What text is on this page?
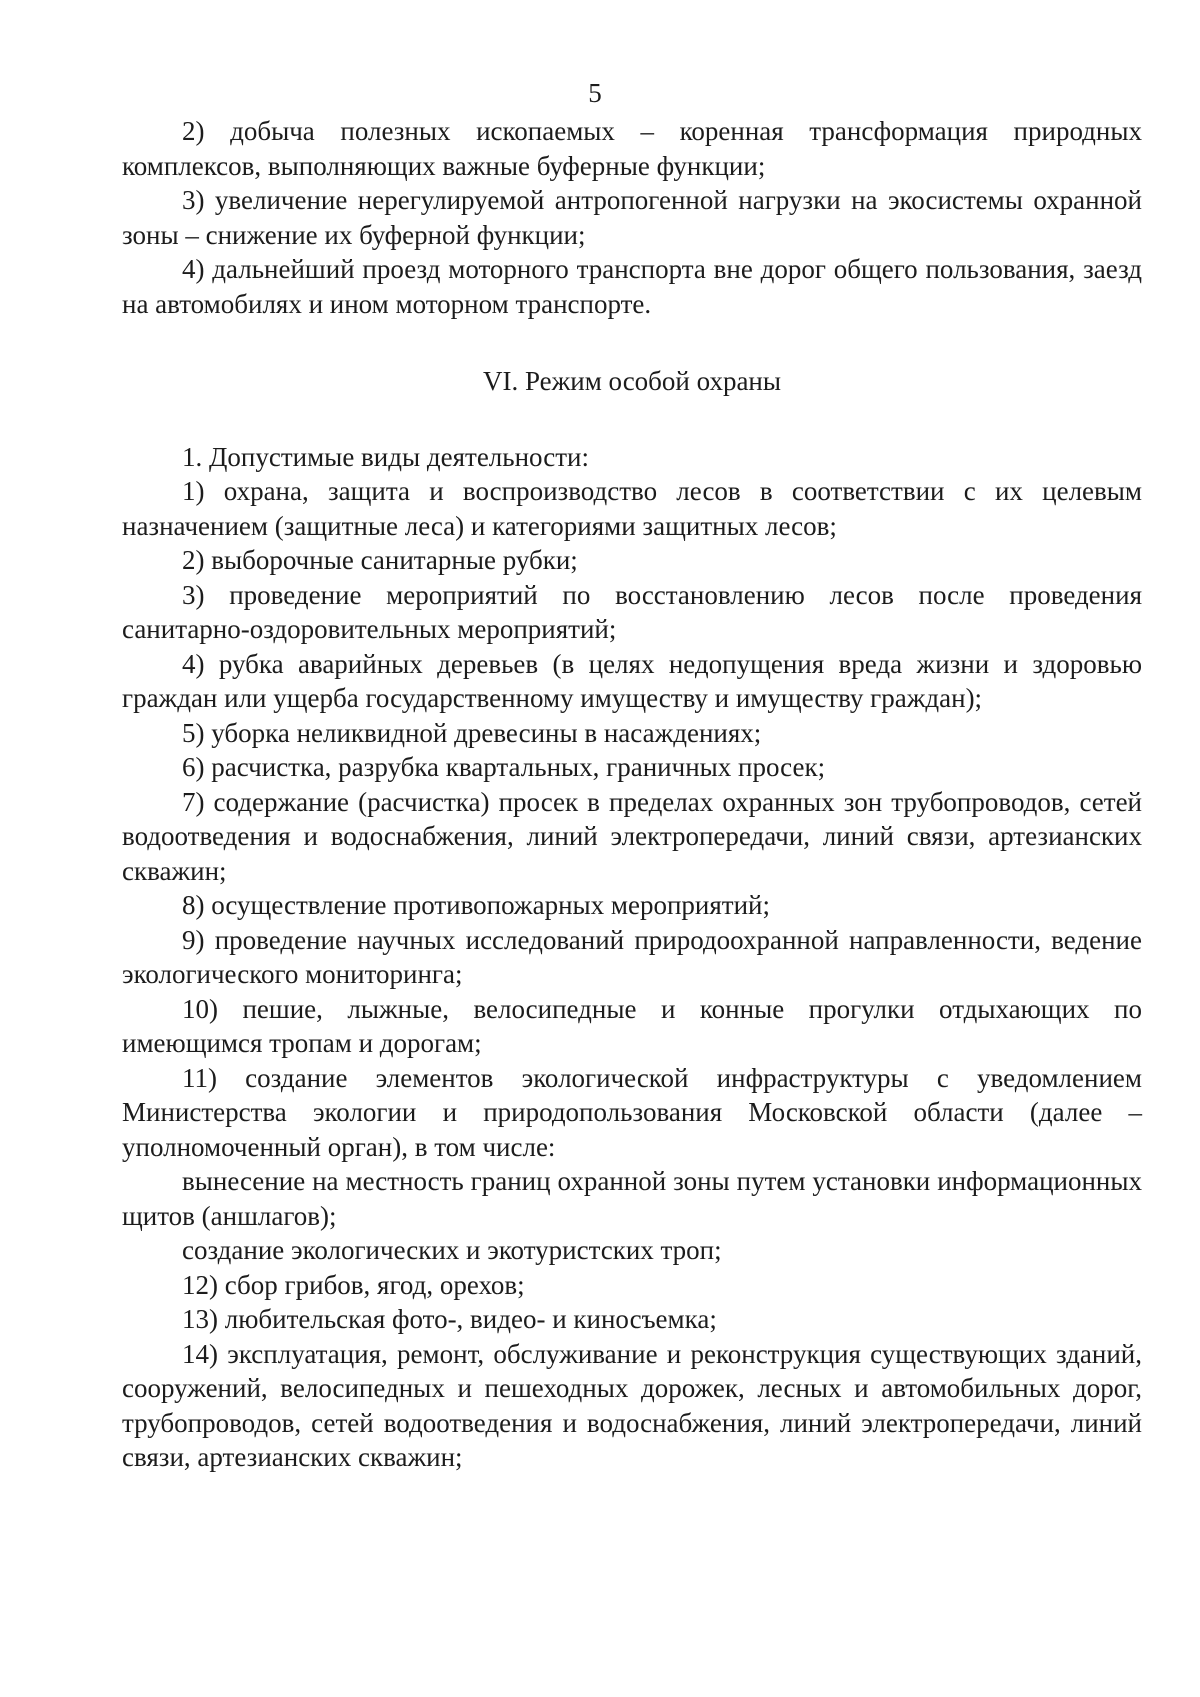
5

2) добыча полезных ископаемых – коренная трансформация природных комплексов, выполняющих важные буферные функции;

3) увеличение нерегулируемой антропогенной нагрузки на экосистемы охранной зоны – снижение их буферной функции;

4) дальнейший проезд моторного транспорта вне дорог общего пользования, заезд на автомобилях и ином моторном транспорте.

VI. Режим особой охраны

1. Допустимые виды деятельности:

1) охрана, защита и воспроизводство лесов в соответствии с их целевым назначением (защитные леса) и категориями защитных лесов;

2) выборочные санитарные рубки;

3) проведение мероприятий по восстановлению лесов после проведения санитарно-оздоровительных мероприятий;

4) рубка аварийных деревьев (в целях недопущения вреда жизни и здоровью граждан или ущерба государственному имуществу и имуществу граждан);

5) уборка неликвидной древесины в насаждениях;

6) расчистка, разрубка квартальных, граничных просек;

7) содержание (расчистка) просек в пределах охранных зон трубопроводов, сетей водоотведения и водоснабжения, линий электропередачи, линий связи, артезианских скважин;

8) осуществление противопожарных мероприятий;

9) проведение научных исследований природоохранной направленности, ведение экологического мониторинга;

10) пешие, лыжные, велосипедные и конные прогулки отдыхающих по имеющимся тропам и дорогам;

11) создание элементов экологической инфраструктуры с уведомлением Министерства экологии и природопользования Московской области (далее – уполномоченный орган), в том числе:

вынесение на местность границ охранной зоны путем установки информационных щитов (аншлагов);

создание экологических и экотуристских троп;

12) сбор грибов, ягод, орехов;

13) любительская фото-, видео- и киносъемка;

14) эксплуатация, ремонт, обслуживание и реконструкция существующих зданий, сооружений, велосипедных и пешеходных дорожек, лесных и автомобильных дорог, трубопроводов, сетей водоотведения и водоснабжения, линий электропередачи, линий связи, артезианских скважин;
